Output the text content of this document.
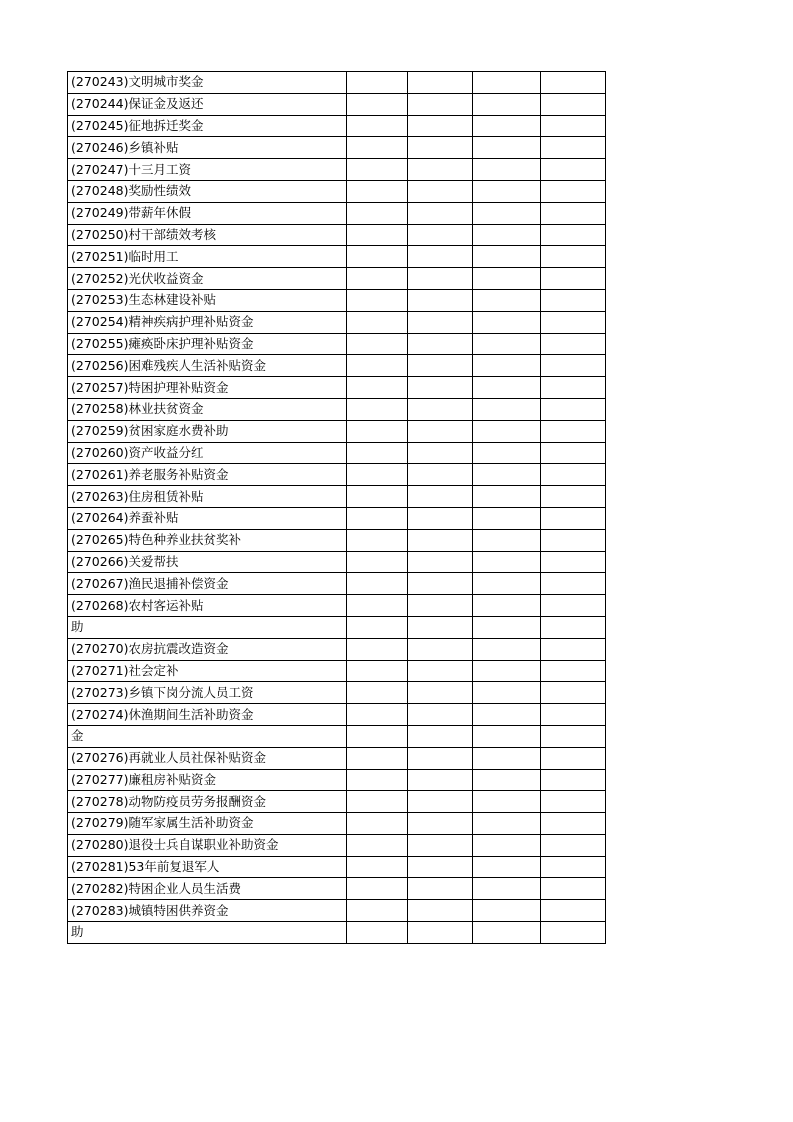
(270243)文明城市奖金				
(270244)保证金及返还				
(270245)征地拆迁奖金				
(270246)乡镇补贴				
(270247)十三月工资				
(270248)奖励性绩效				
(270249)带薪年休假				
(270250)村干部绩效考核				
(270251)临时用工				
(270252)光伏收益资金				
(270253)生态林建设补贴				
(270254)精神疾病护理补贴资金				
(270255)瘫痪卧床护理补贴资金				
(270256)困难残疾人生活补贴资金				
(270257)特困护理补贴资金				
(270258)林业扶贫资金				
(270259)贫困家庭水费补助				
(270260)资产收益分红				
(270261)养老服务补贴资金				
(270263)住房租赁补贴				
(270264)养蚕补贴				
(270265)特色种养业扶贫奖补				
(270266)关爱帮扶				
(270267)渔民退捕补偿资金				
(270268)农村客运补贴				
助				
(270270)农房抗震改造资金				
(270271)社会定补				
(270273)乡镇下岗分流人员工资				
(270274)休渔期间生活补助资金				
金				
(270276)再就业人员社保补贴资金				
(270277)廉租房补贴资金				
(270278)动物防疫员劳务报酬资金				
(270279)随军家属生活补助资金				
(270280)退役士兵自谋职业补助资金				
(270281)53年前复退军人				
(270282)特困企业人员生活费				
(270283)城镇特困供养资金				
助				
